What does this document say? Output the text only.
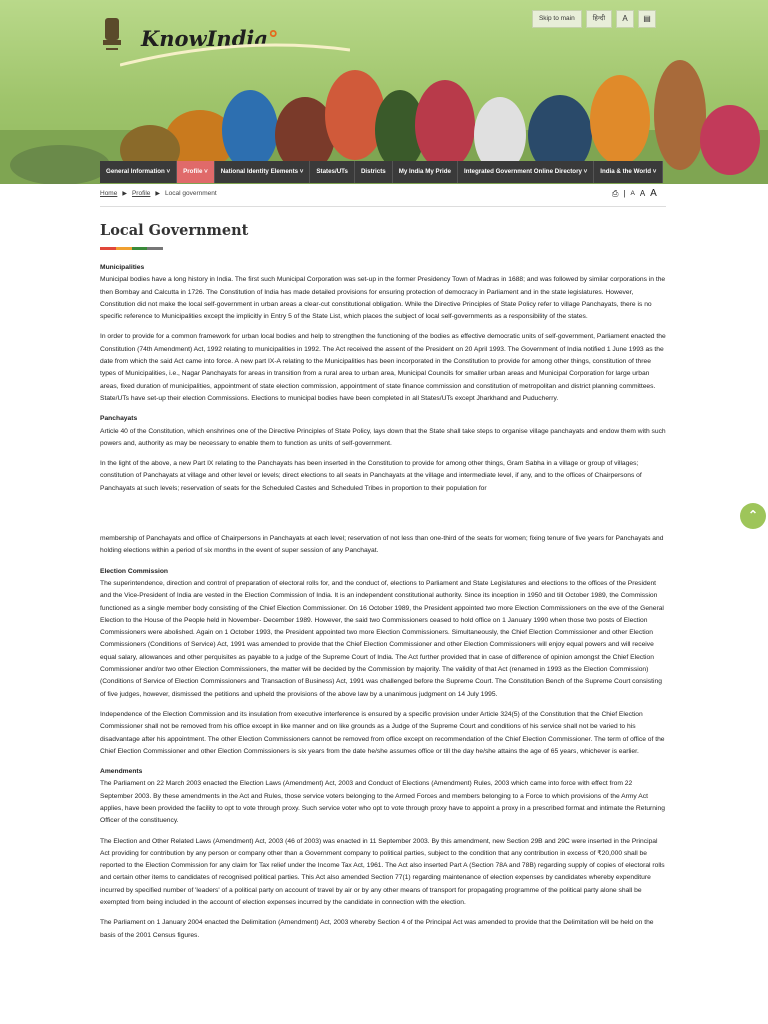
Skip to main	हिन्दी	A	▤
KnowIndia°
General Information ˅	Profile ˅	National Identity Elements ˅	States/UTs	Districts	My India My Pride	Integrated Government Online Directory ˅	India & the World ˅
Home ▶ Profile ▶ Local government	⎙ | A A A
Local Government

Municipalities

Municipal bodies have a long history in India. The first such Municipal Corporation was set-up in the former Presidency Town of Madras in 1688; and was followed by similar corporations in the then Bombay and Calcutta in 1726. The Constitution of India has made detailed provisions for ensuring protection of democracy in Parliament and in the state legislatures. However, Constitution did not make the local self-government in urban areas a clear-cut constitutional obligation. While the Directive Principles of State Policy refer to village Panchayats, there is no specific reference to Municipalities except the implicitly in Entry 5 of the State List, which places the subject of local self-governments as a responsibility of the states.

In order to provide for a common framework for urban local bodies and help to strengthen the functioning of the bodies as effective democratic units of self-government, Parliament enacted the Constitution (74th Amendment) Act, 1992 relating to municipalities in 1992. The Act received the assent of the President on 20 April 1993. The Government of India notified 1 June 1993 as the date from which the said Act came into force. A new part IX-A relating to the Municipalities has been incorporated in the Constitution to provide for among other things, constitution of three types of Municipalities, i.e., Nagar Panchayats for areas in transition from a rural area to urban area, Municipal Councils for smaller urban areas and Municipal Corporation for large urban areas, fixed duration of municipalities, appointment of state election commission, appointment of state finance commission and constitution of metropolitan and district planning committees. State/UTs have set-up their election Commissions. Elections to municipal bodies have been completed in all States/UTs except Jharkhand and Puducherry.

Panchayats

Article 40 of the Constitution, which enshrines one of the Directive Principles of State Policy, lays down that the State shall take steps to organise village panchayats and endow them with such powers and, authority as may be necessary to enable them to function as units of self-government.

In the light of the above, a new Part IX relating to the Panchayats has been inserted in the Constitution to provide for among other things, Gram Sabha in a village or group of villages; constitution of Panchayats at village and other level or levels; direct elections to all seats in Panchayats at the village and intermediate level, if any, and to the offices of Chairpersons of Panchayats at such levels; reservation of seats for the Scheduled Castes and Scheduled Tribes in proportion to their population for

membership of Panchayats and office of Chairpersons in Panchayats at each level; reservation of not less than one-third of the seats for women; fixing tenure of five years for Panchayats and holding elections within a period of six months in the event of super session of any Panchayat.

Election Commission

The superintendence, direction and control of preparation of electoral rolls for, and the conduct of, elections to Parliament and State Legislatures and elections to the offices of the President and the Vice-President of India are vested in the Election Commission of India. It is an independent constitutional authority. Since its inception in 1950 and till October 1989, the Commission functioned as a single member body consisting of the Chief Election Commissioner. On 16 October 1989, the President appointed two more Election Commissioners on the eve of the General Election to the House of the People held in November- December 1989. However, the said two Commissioners ceased to hold office on 1 January 1990 when those two posts of Election Commissioners were abolished. Again on 1 October 1993, the President appointed two more Election Commissioners. Simultaneously, the Chief Election Commissioner and other Election Commissioners (Conditions of Service) Act, 1991 was amended to provide that the Chief Election Commissioner and other Election Commissioners will enjoy equal powers and will receive equal salary, allowances and other perquisites as payable to a judge of the Supreme Court of India. The Act further provided that in case of difference of opinion amongst the Chief Election Commissioner and/or two other Election Commissioners, the matter will be decided by the Commission by majority. The validity of that Act (renamed in 1993 as the Election Commission) (Conditions of Service of Election Commissioners and Transaction of Business) Act, 1991 was challenged before the Supreme Court. The Constitution Bench of the Supreme Court consisting of five judges, however, dismissed the petitions and upheld the provisions of the above law by a unanimous judgment on 14 July 1995.

Independence of the Election Commission and its insulation from executive interference is ensured by a specific provision under Article 324(5) of the Constitution that the Chief Election Commissioner shall not be removed from his office except in like manner and on like grounds as a Judge of the Supreme Court and conditions of his service shall not be varied to his disadvantage after his appointment. The other Election Commissioners cannot be removed from office except on recommendation of the Chief Election Commissioner. The term of office of the Chief Election Commissioner and other Election Commissioners is six years from the date he/she assumes office or till the day he/she attains the age of 65 years, whichever is earlier.

Amendments

The Parliament on 22 March 2003 enacted the Election Laws (Amendment) Act, 2003 and Conduct of Elections (Amendment) Rules, 2003 which came into force with effect from 22 September 2003. By these amendments in the Act and Rules, those service voters belonging to the Armed Forces and members belonging to a Force to which provisions of the Army Act applies, have been provided the facility to opt to vote through proxy. Such service voter who opt to vote through proxy have to appoint a proxy in a prescribed format and intimate the Returning Officer of the constituency.

The Election and Other Related Laws (Amendment) Act, 2003 (46 of 2003) was enacted in 11 September 2003. By this amendment, new Section 29B and 29C were inserted in the Principal Act providing for contribution by any person or company other than a Government company to political parties, subject to the condition that any contribution in excess of ₹20,000 shall be reported to the Election Commission for any claim for Tax relief under the Income Tax Act, 1961. The Act also inserted Part A (Section 78A and 78B) regarding supply of copies of electoral rolls and certain other items to candidates of recognised political parties. This Act also amended Section 77(1) regarding maintenance of election expenses by candidates whereby expenditure incurred by specified number of 'leaders' of a political party on account of travel by air or by any other means of transport for propagating programme of the political party alone shall be exempted from being included in the account of election expenses incurred by the candidate in connection with the election.

The Parliament on 1 January 2004 enacted the Delimitation (Amendment) Act, 2003 whereby Section 4 of the Principal Act was amended to provide that the Delimitation will be held on the basis of the 2001 Census figures.

⌃
